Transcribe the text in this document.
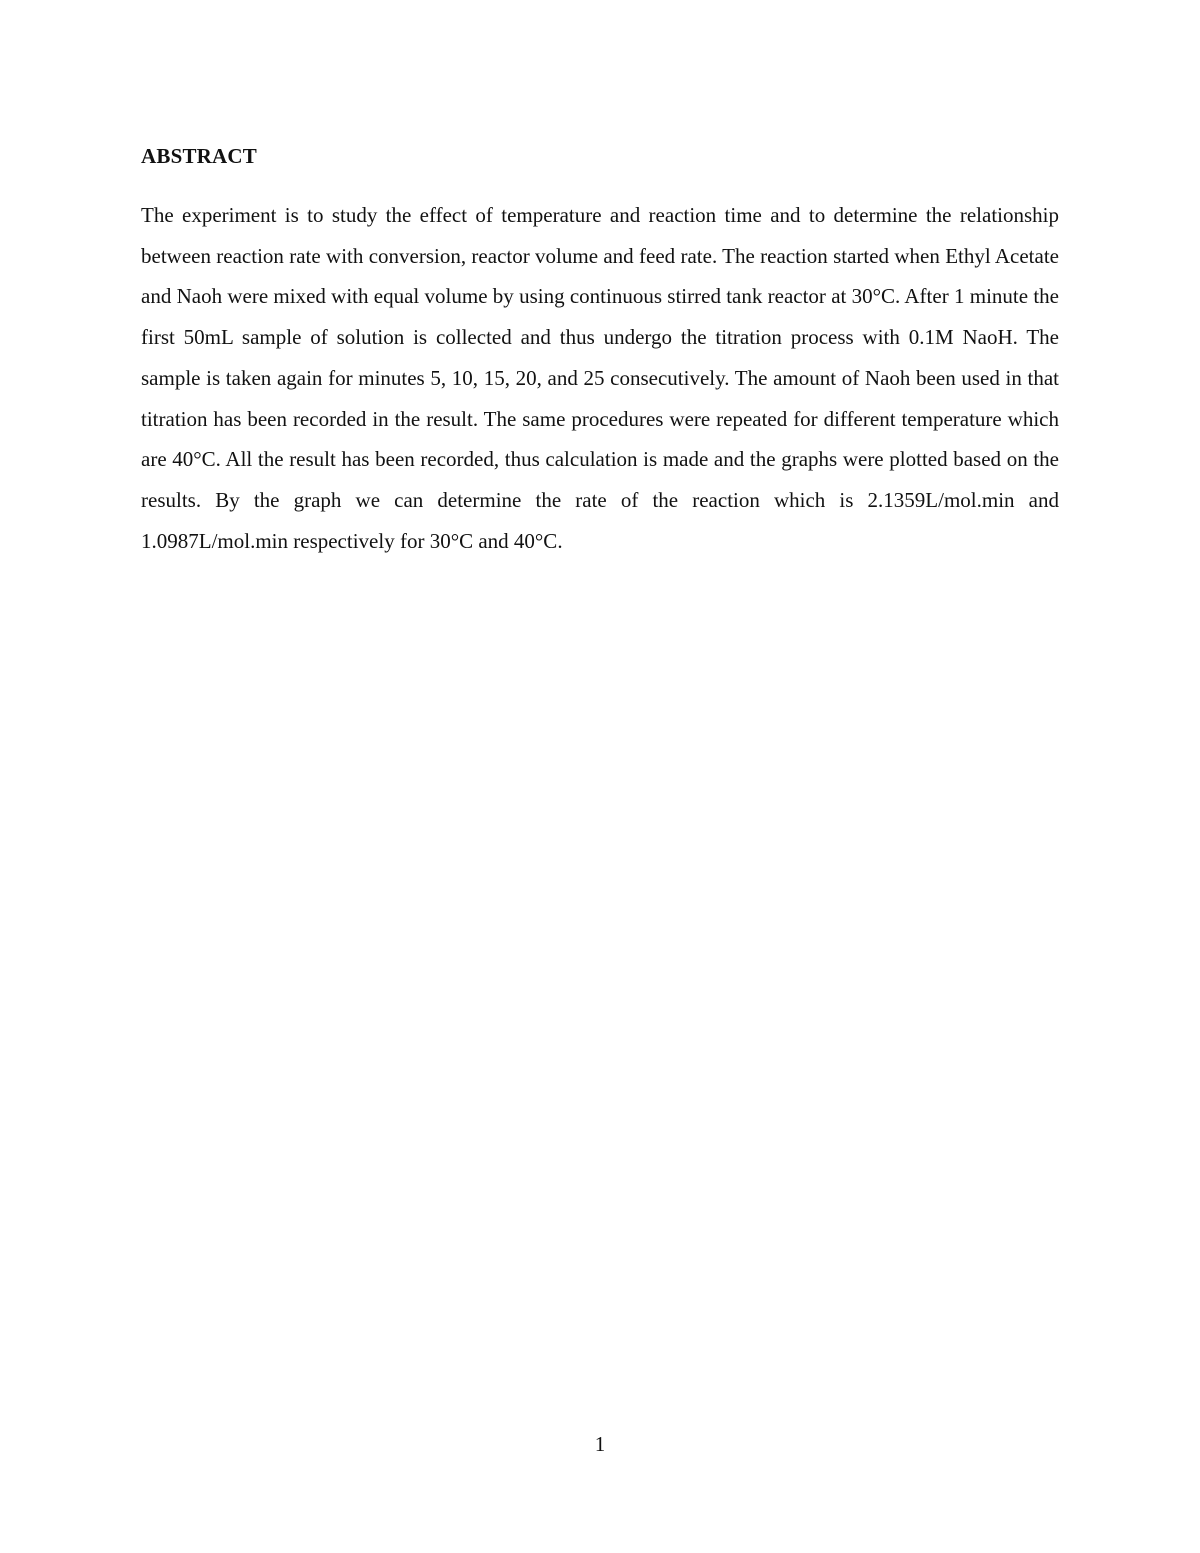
ABSTRACT

The experiment is to study the effect of temperature and reaction time and to determine the relationship between reaction rate with conversion, reactor volume and feed rate. The reaction started when Ethyl Acetate and Naoh were mixed with equal volume by using continuous stirred tank reactor at 30°C. After 1 minute the first 50mL sample of solution is collected and thus undergo the titration process with 0.1M NaoH. The sample is taken again for minutes 5, 10, 15, 20, and 25 consecutively. The amount of Naoh been used in that titration has been recorded in the result. The same procedures were repeated for different temperature which are 40°C. All the result has been recorded, thus calculation is made and the graphs were plotted based on the results. By the graph we can determine the rate of the reaction which is 2.1359L/mol.min and 1.0987L/mol.min respectively for 30°C and 40°C.

1
